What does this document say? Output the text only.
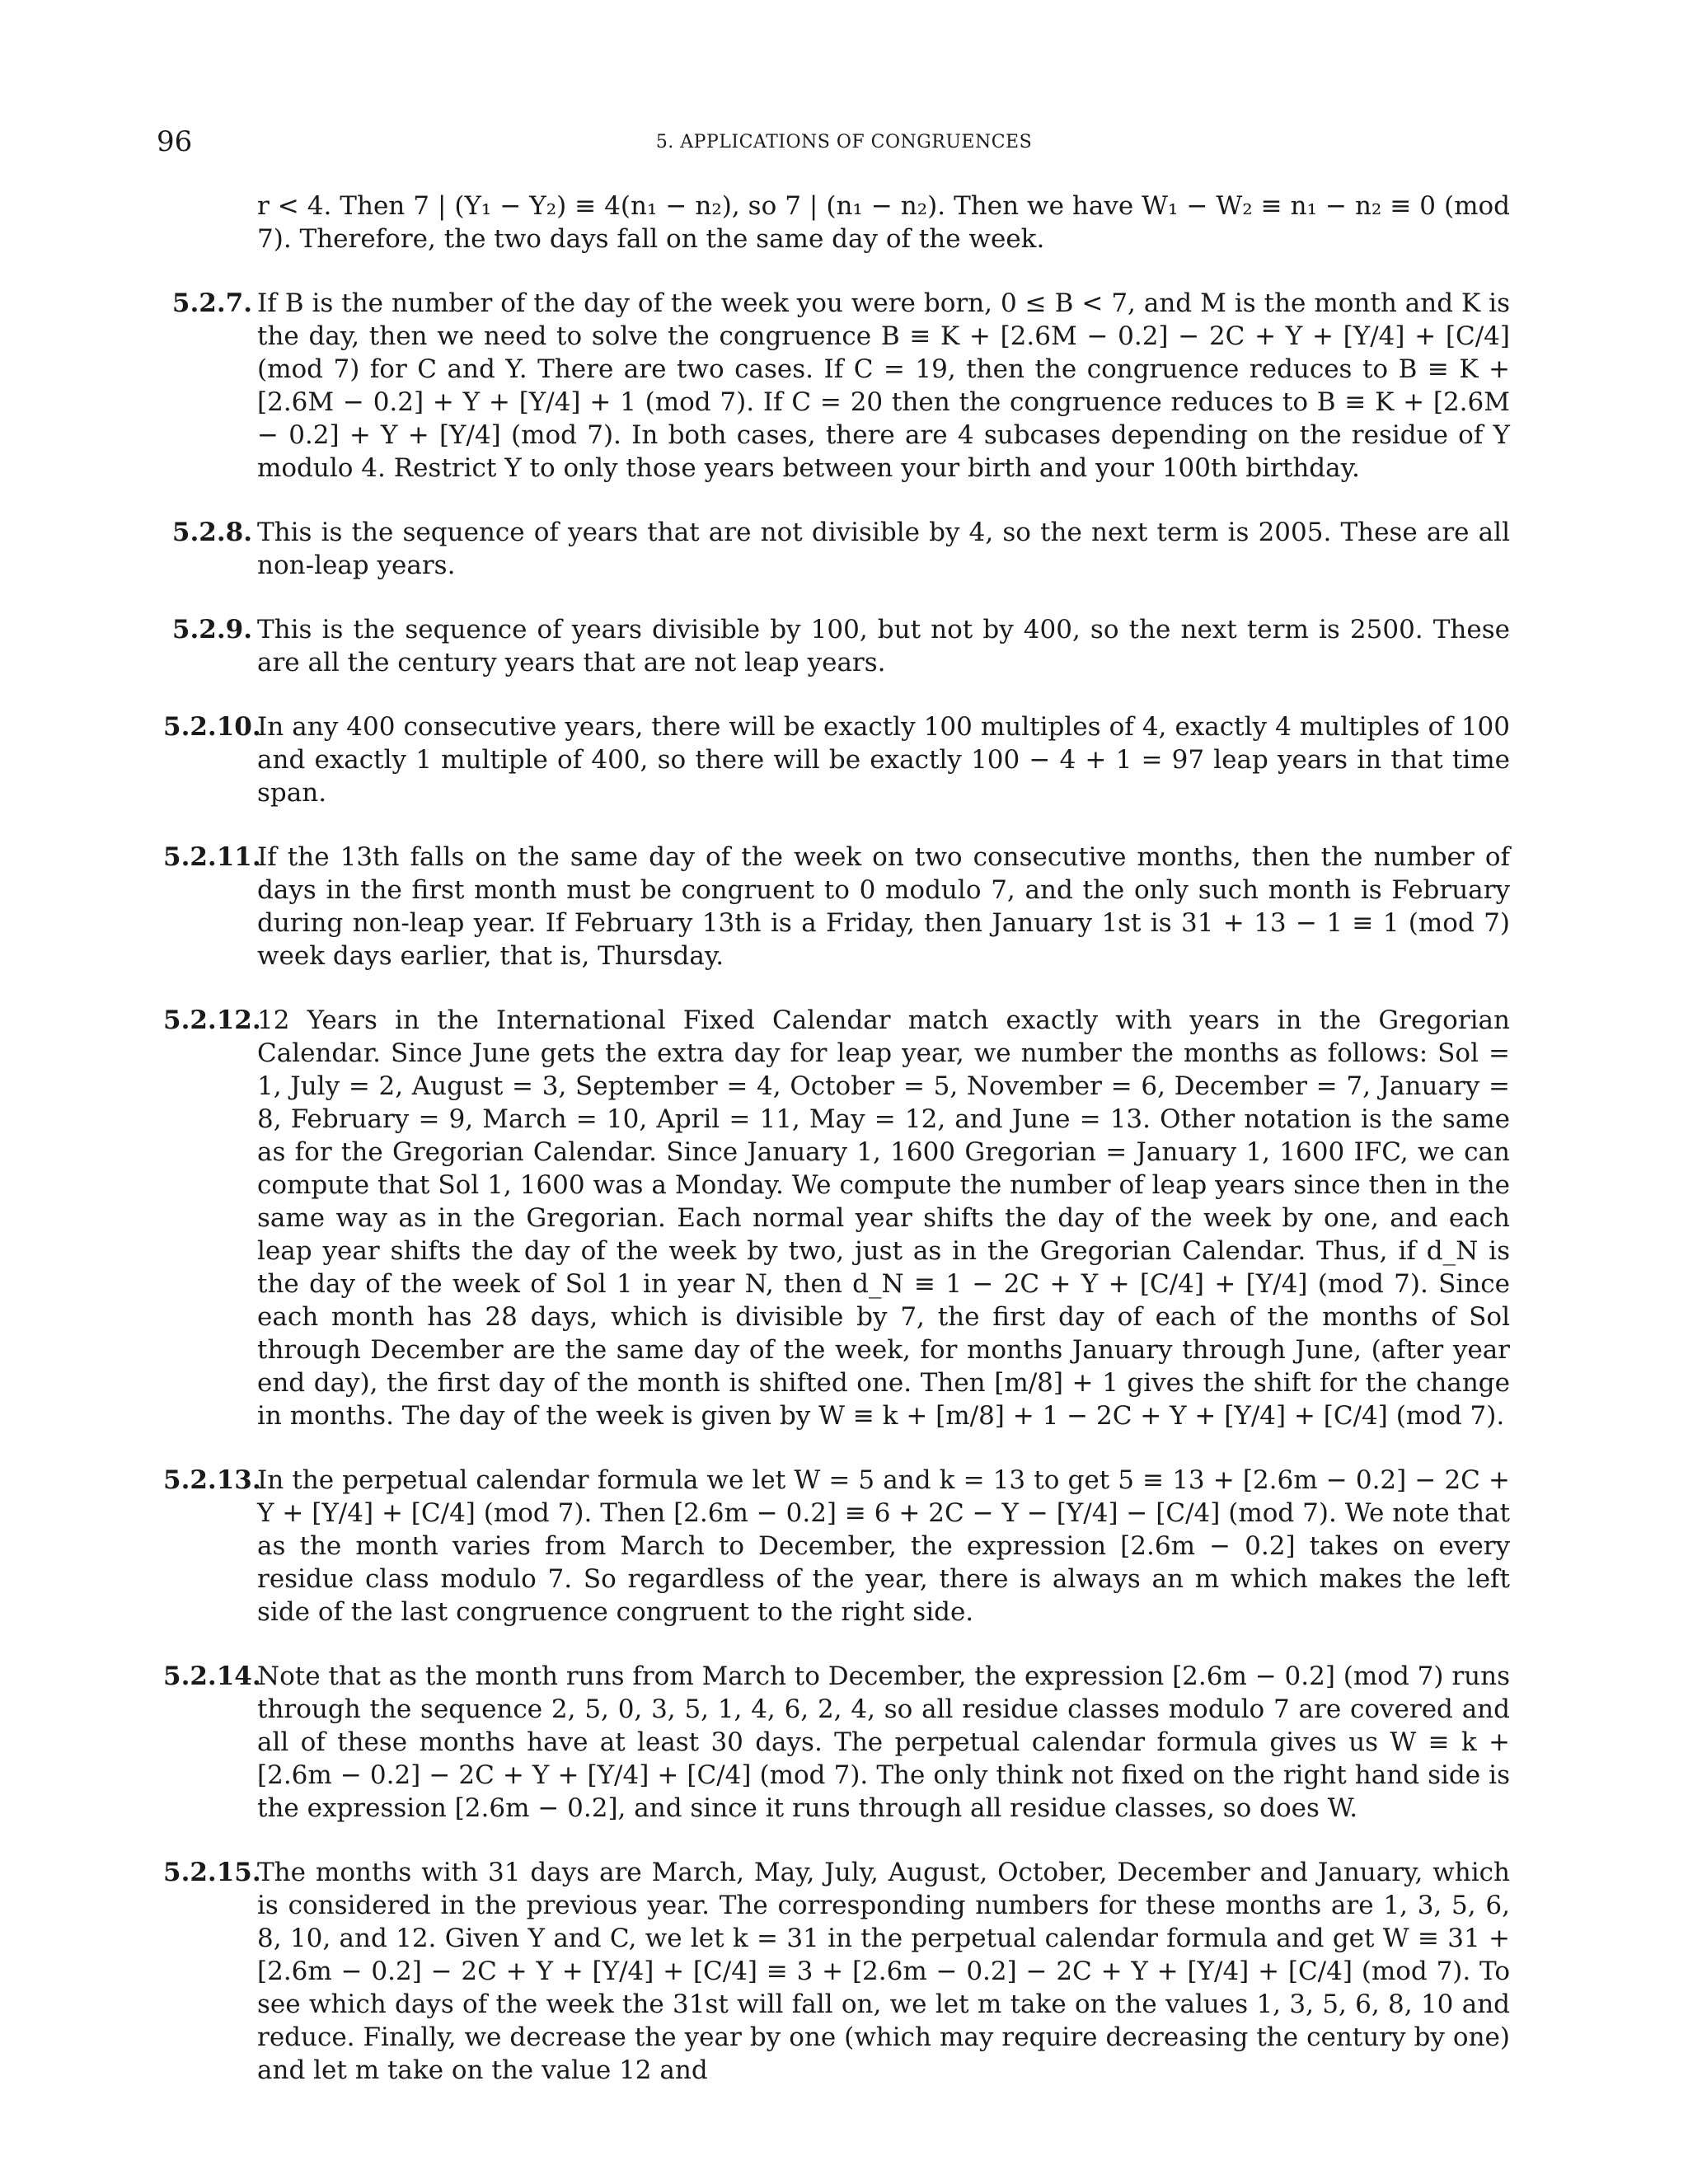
96	5. APPLICATIONS OF CONGRUENCES
r < 4. Then 7 | (Y₁ − Y₂) ≡ 4(n₁ − n₂), so 7 | (n₁ − n₂). Then we have W₁ − W₂ ≡ n₁ − n₂ ≡ 0 (mod 7). Therefore, the two days fall on the same day of the week.
5.2.7. If B is the number of the day of the week you were born, 0 ≤ B < 7, and M is the month and K is the day, then we need to solve the congruence B ≡ K + [2.6M − 0.2] − 2C + Y + [Y/4] + [C/4] (mod 7) for C and Y. There are two cases. If C = 19, then the congruence reduces to B ≡ K + [2.6M − 0.2] + Y + [Y/4] + 1 (mod 7). If C = 20 then the congruence reduces to B ≡ K + [2.6M − 0.2] + Y + [Y/4] (mod 7). In both cases, there are 4 subcases depending on the residue of Y modulo 4. Restrict Y to only those years between your birth and your 100th birthday.
5.2.8. This is the sequence of years that are not divisible by 4, so the next term is 2005. These are all non-leap years.
5.2.9. This is the sequence of years divisible by 100, but not by 400, so the next term is 2500. These are all the century years that are not leap years.
5.2.10.
In any 400 consecutive years, there will be exactly 100 multiples of 4, exactly 4 multiples of 100 and exactly 1 multiple of 400, so there will be exactly 100 − 4 + 1 = 97 leap years in that time span.
5.2.11.
If the 13th falls on the same day of the week on two consecutive months, then the number of days in the first month must be congruent to 0 modulo 7, and the only such month is February during non-leap year. If February 13th is a Friday, then January 1st is 31 + 13 − 1 ≡ 1 (mod 7) week days earlier, that is, Thursday.
5.2.12.
12 Years in the International Fixed Calendar match exactly with years in the Gregorian Calendar. Since June gets the extra day for leap year, we number the months as follows: Sol = 1, July = 2, August = 3, September = 4, October = 5, November = 6, December = 7, January = 8, February = 9, March = 10, April = 11, May = 12, and June = 13. Other notation is the same as for the Gregorian Calendar. Since January 1, 1600 Gregorian = January 1, 1600 IFC, we can compute that Sol 1, 1600 was a Monday. We compute the number of leap years since then in the same way as in the Gregorian. Each normal year shifts the day of the week by one, and each leap year shifts the day of the week by two, just as in the Gregorian Calendar. Thus, if d_N is the day of the week of Sol 1 in year N, then d_N ≡ 1 − 2C + Y + [C/4] + [Y/4] (mod 7). Since each month has 28 days, which is divisible by 7, the first day of each of the months of Sol through December are the same day of the week, for months January through June, (after year end day), the first day of the month is shifted one. Then [m/8] + 1 gives the shift for the change in months. The day of the week is given by W ≡ k + [m/8] + 1 − 2C + Y + [Y/4] + [C/4] (mod 7).
5.2.13.
In the perpetual calendar formula we let W = 5 and k = 13 to get 5 ≡ 13 + [2.6m − 0.2] − 2C + Y + [Y/4] + [C/4] (mod 7). Then [2.6m − 0.2] ≡ 6 + 2C − Y − [Y/4] − [C/4] (mod 7). We note that as the month varies from March to December, the expression [2.6m − 0.2] takes on every residue class modulo 7. So regardless of the year, there is always an m which makes the left side of the last congruence congruent to the right side.
5.2.14.
Note that as the month runs from March to December, the expression [2.6m − 0.2] (mod 7) runs through the sequence 2, 5, 0, 3, 5, 1, 4, 6, 2, 4, so all residue classes modulo 7 are covered and all of these months have at least 30 days. The perpetual calendar formula gives us W ≡ k + [2.6m − 0.2] − 2C + Y + [Y/4] + [C/4] (mod 7). The only think not fixed on the right hand side is the expression [2.6m − 0.2], and since it runs through all residue classes, so does W.
5.2.15.
The months with 31 days are March, May, July, August, October, December and January, which is considered in the previous year. The corresponding numbers for these months are 1, 3, 5, 6, 8, 10, and 12. Given Y and C, we let k = 31 in the perpetual calendar formula and get W ≡ 31 + [2.6m − 0.2] − 2C + Y + [Y/4] + [C/4] ≡ 3 + [2.6m − 0.2] − 2C + Y + [Y/4] + [C/4] (mod 7). To see which days of the week the 31st will fall on, we let m take on the values 1, 3, 5, 6, 8, 10 and reduce. Finally, we decrease the year by one (which may require decreasing the century by one) and let m take on the value 12 and
